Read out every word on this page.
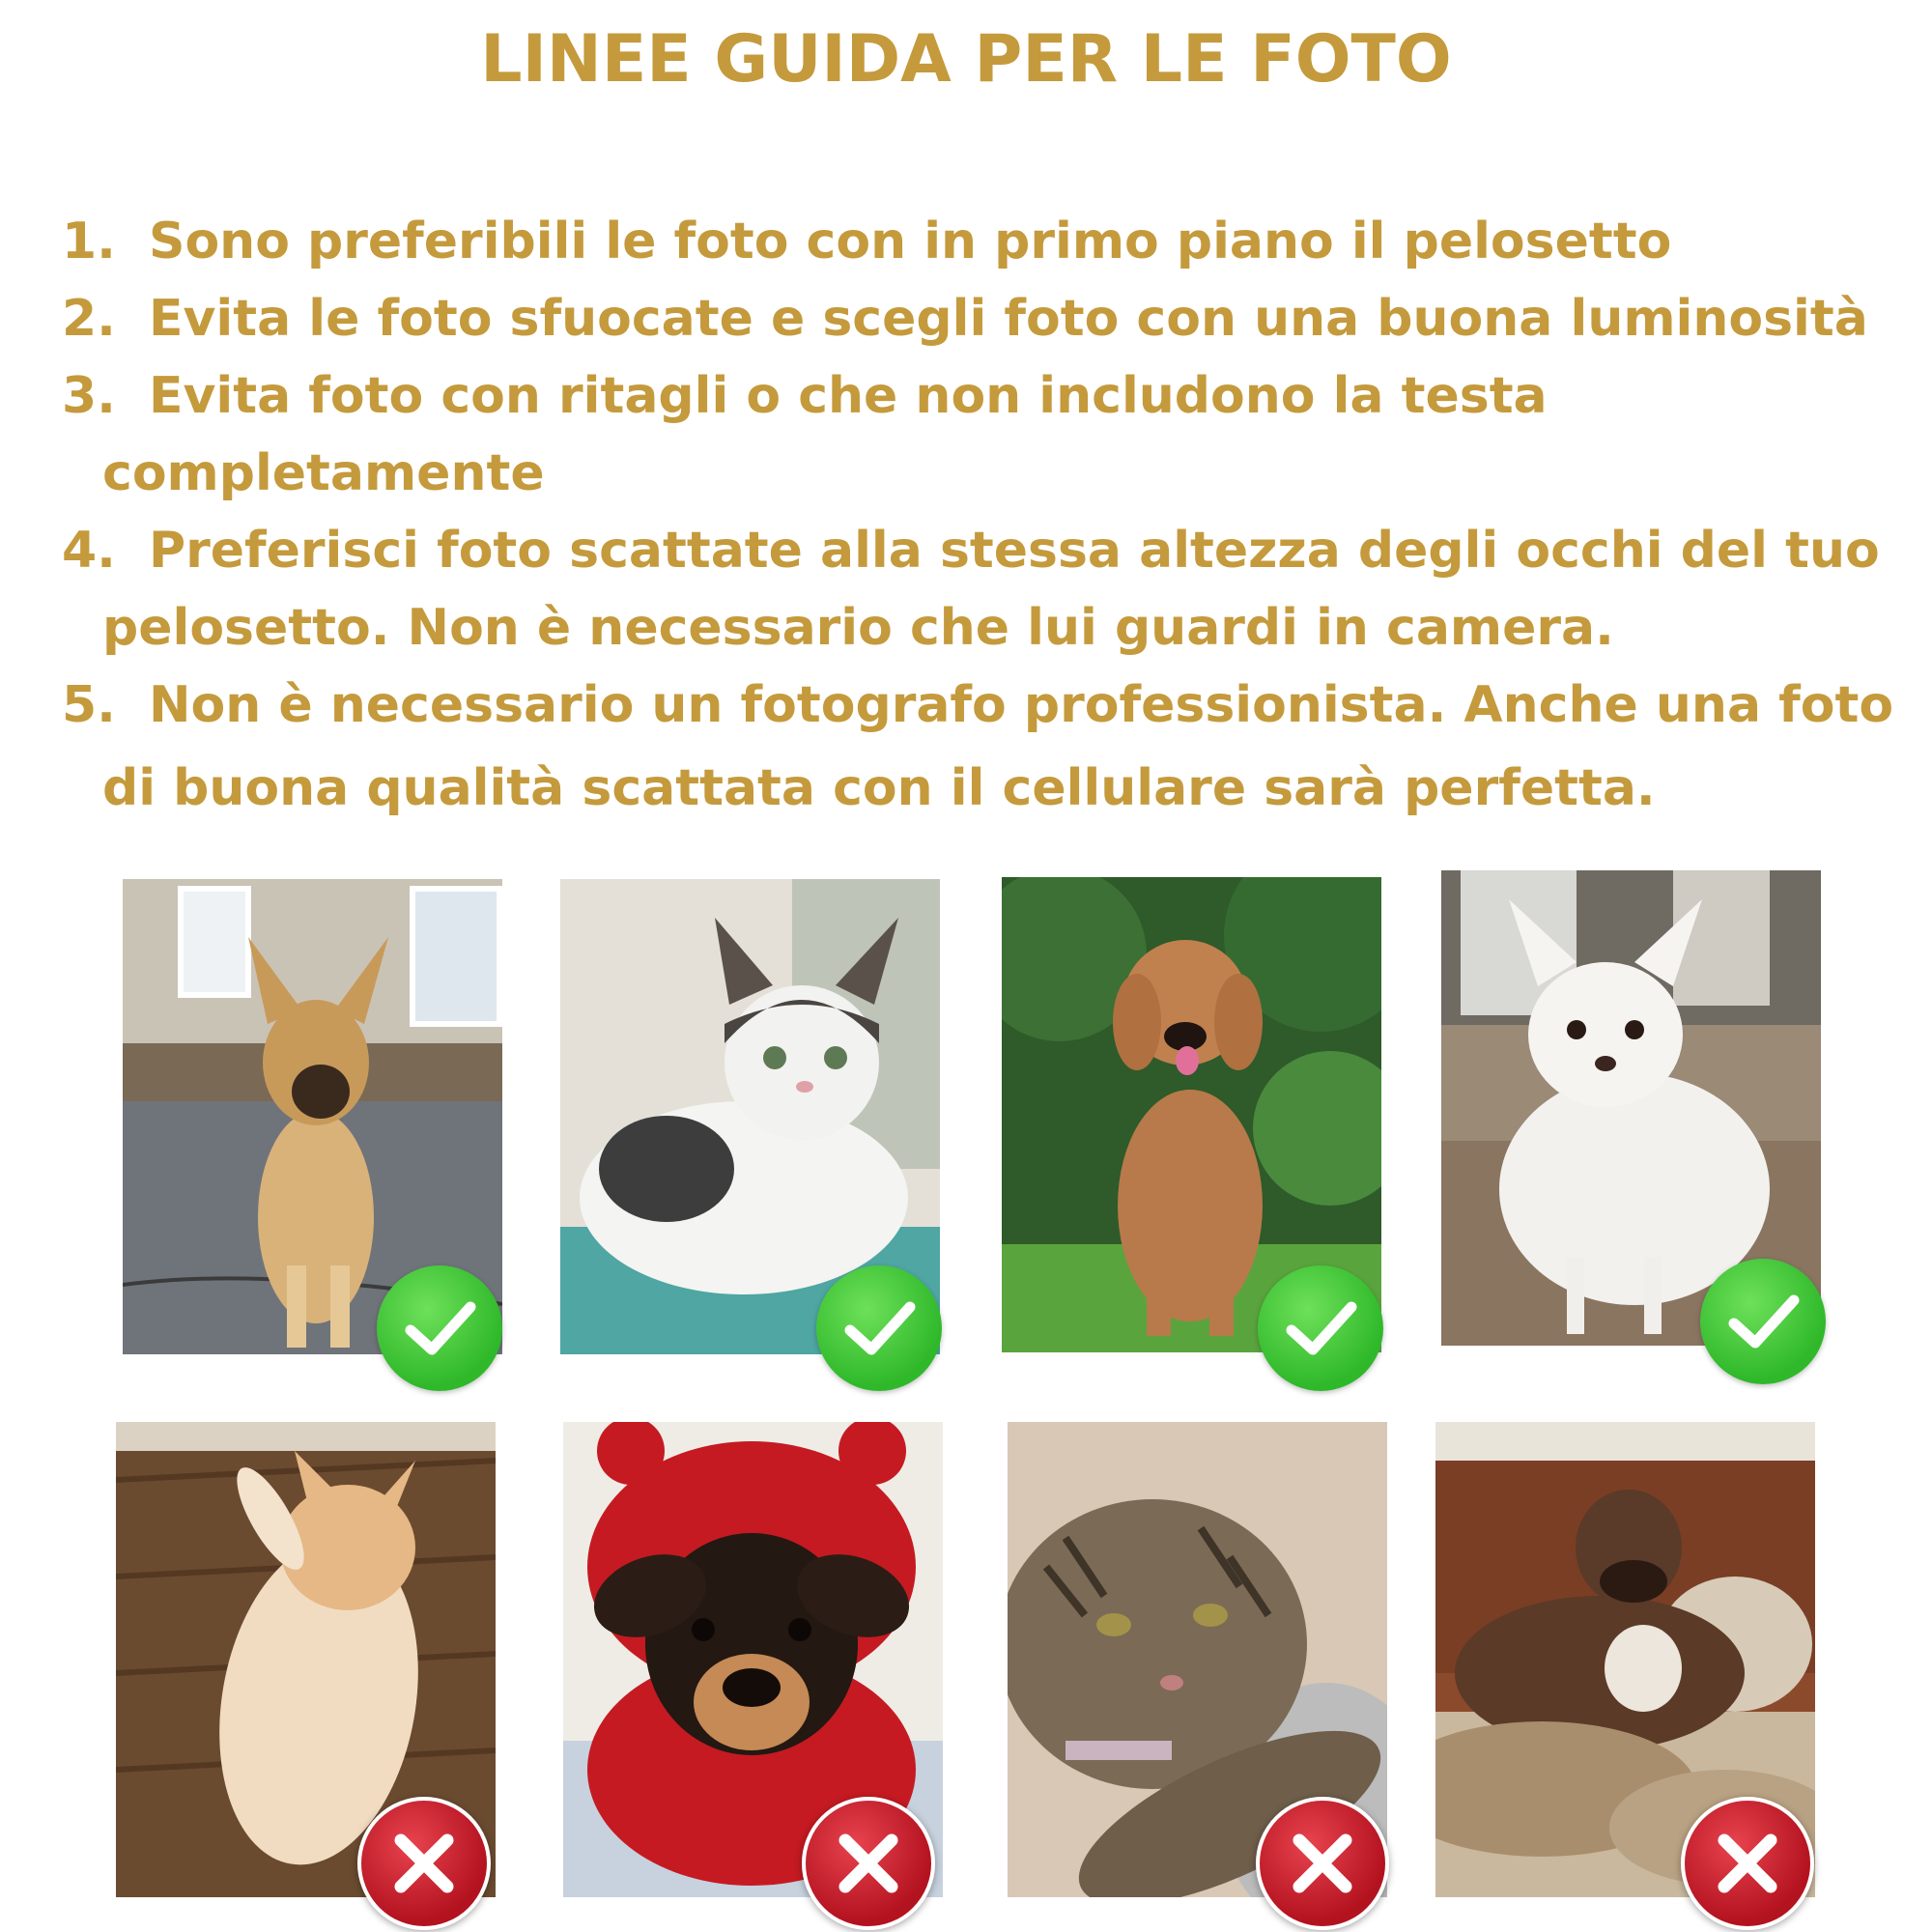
LINEE GUIDA PER LE FOTO
1. Sono preferibili le foto con in primo piano il pelosetto
2. Evita le foto sfuocate e scegli foto con una buona luminosità
3. Evita foto con ritagli o che non includono la testa
completamente
4. Preferisci foto scattate alla stessa altezza degli occhi del tuo
pelosetto. Non è necessario che lui guardi in camera.
5. Non è necessario un fotografo professionista. Anche una foto
di buona qualità scattata con il cellulare sarà perfetta.
